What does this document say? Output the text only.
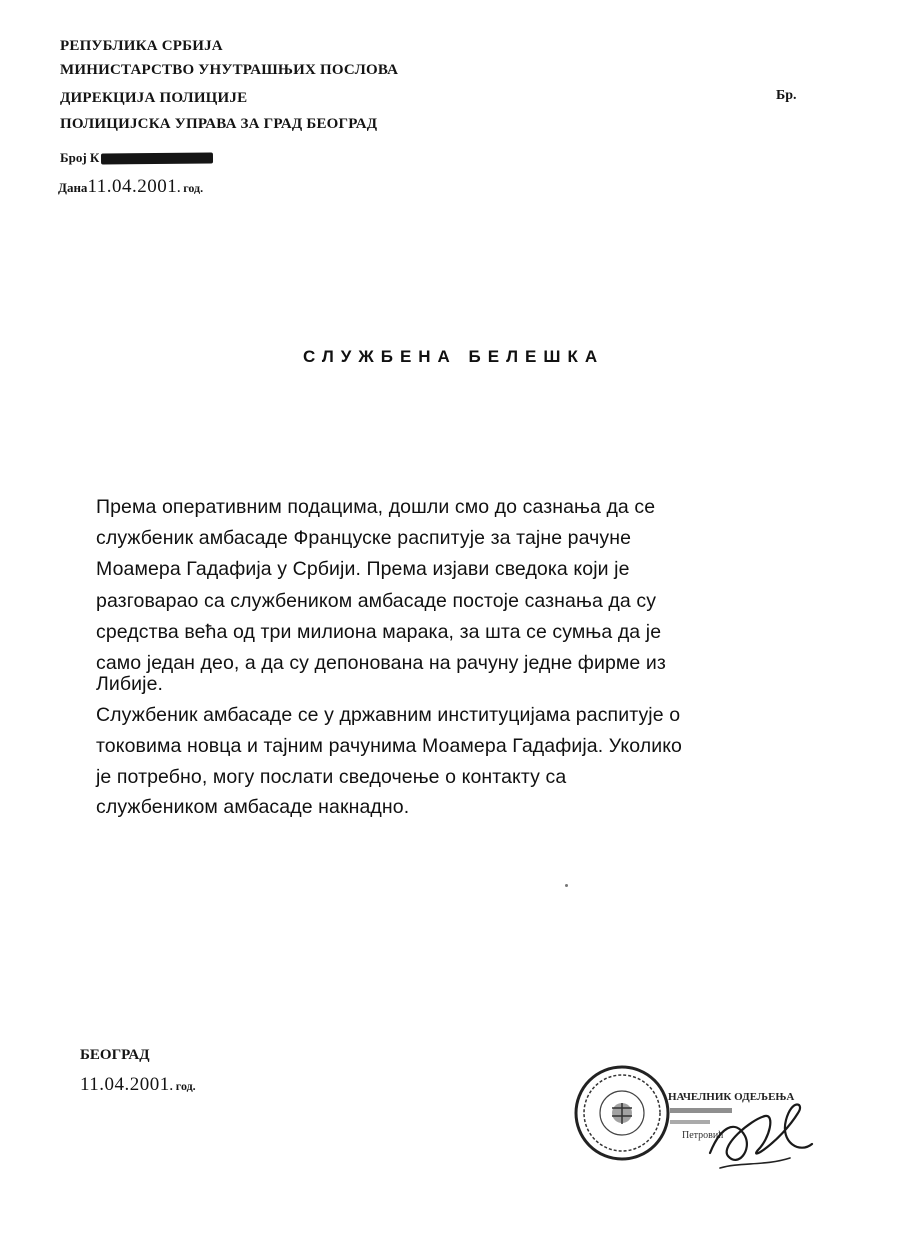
РЕПУБЛИКА СРБИЈА
МИНИСТАРСТВО УНУТРАШЊИХ ПОСЛОВА
ДИРЕКЦИЈА ПОЛИЦИЈЕ
ПОЛИЦИЈСКА УПРАВА ЗА ГРАД БЕОГРАД
Бр.
Број К
Дана11.04.2001. год.
СЛУЖБЕНА БЕЛЕШКА
Према оперативним подацима, дошли смо до сазнања да се
службеник амбасаде Француске распитује за тајне рачуне
Моамера Гадафија у Србији. Према изјави сведока који је
разговарао са службеником амбасаде постоје сазнања да су
средства већа од три милиона марака, за шта се сумња да је
само један део, а да су депонована на рачуну једне фирме из
Либије.
Службеник амбасаде се у државним институцијама распитује о
токовима новца и тајним рачунима Моамера Гадафија. Уколико
је потребно, могу послати сведочење о контакту са
службеником амбасаде накнадно.
БЕОГРАД
11.04.2001. год.
НАЧЕЛНИК ОДЕЉЕЊА
Петровић
